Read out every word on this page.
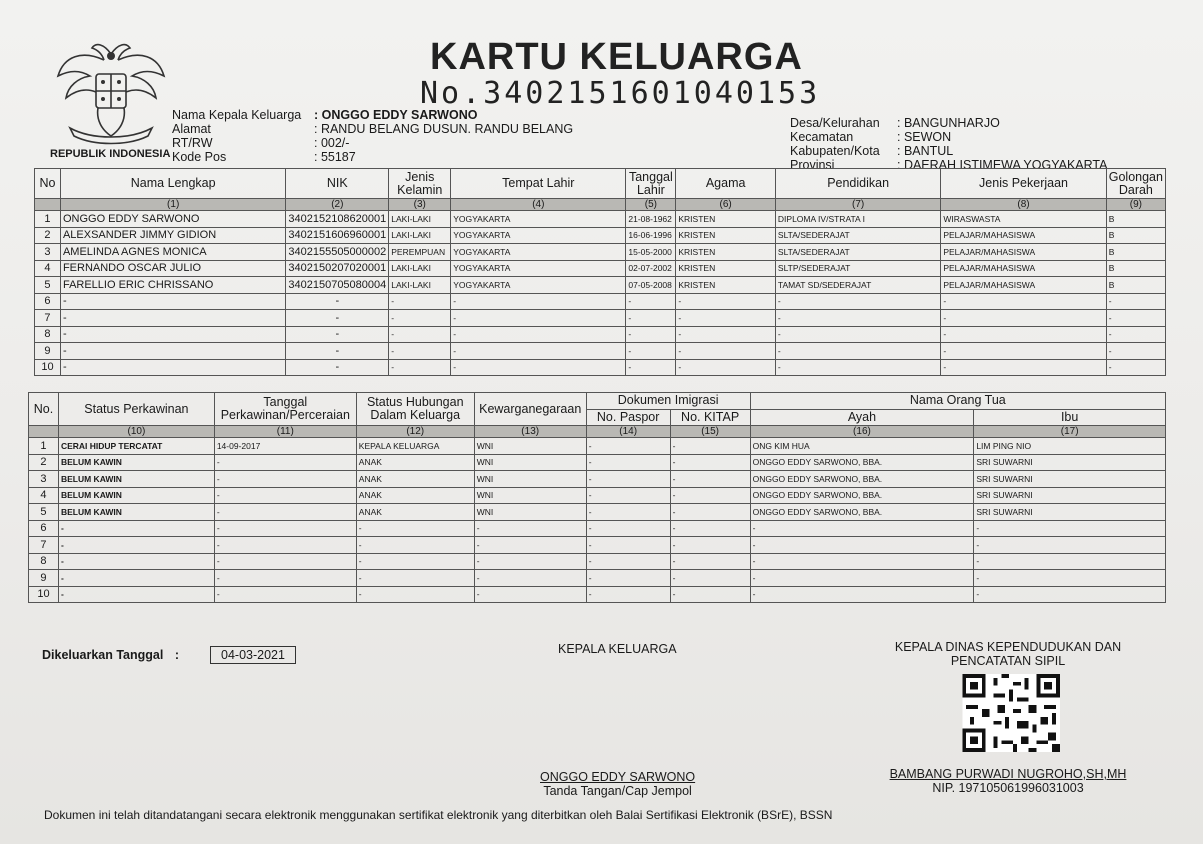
REPUBLIK INDONESIA
KARTU KELUARGA
No.3402151601040153
Nama Kepala Keluarga : ONGGO EDDY SARWONO
Alamat	: RANDU BELANG DUSUN. RANDU BELANG
RT/RW	: 002/-
Kode Pos	: 55187
Desa/Kelurahan : BANGUNHARJO
Kecamatan	: SEWON
Kabupaten/Kota : BANTUL
Provinsi	: DAERAH ISTIMEWA YOGYAKARTA
No	Nama Lengkap	NIK	Jenis Kelamin	Tempat Lahir	Tanggal Lahir	Agama	Pendidikan	Jenis Pekerjaan	Golongan Darah
	(1)	(2)	(3)	(4)	(5)	(6)	(7)	(8)	(9)
1	ONGGO EDDY SARWONO	3402152108620001	LAKI-LAKI	YOGYAKARTA	21-08-1962	KRISTEN	DIPLOMA IV/STRATA I	WIRASWASTA	B
2	ALEXSANDER JIMMY GIDION	3402151606960001	LAKI-LAKI	YOGYAKARTA	16-06-1996	KRISTEN	SLTA/SEDERAJAT	PELAJAR/MAHASISWA	B
3	AMELINDA AGNES MONICA	3402155505000002	PEREMPUAN	YOGYAKARTA	15-05-2000	KRISTEN	SLTA/SEDERAJAT	PELAJAR/MAHASISWA	B
4	FERNANDO OSCAR JULIO	3402150207020001	LAKI-LAKI	YOGYAKARTA	02-07-2002	KRISTEN	SLTP/SEDERAJAT	PELAJAR/MAHASISWA	B
5	FARELLIO ERIC CHRISSANO	3402150705080004	LAKI-LAKI	YOGYAKARTA	07-05-2008	KRISTEN	TAMAT SD/SEDERAJAT	PELAJAR/MAHASISWA	B
6	-	-	-	-	-	-	-	-	-
7	-	-	-	-	-	-	-	-	-
8	-	-	-	-	-	-	-	-	-
9	-	-	-	-	-	-	-	-	-
10	-	-	-	-	-	-	-	-	-
No.	Status Perkawinan	Tanggal Perkawinan/Perceraian	Status Hubungan Dalam Keluarga	Kewarganegaraan	Dokumen Imigrasi		Nama Orang Tua	
					No. Paspor	No. KITAP	Ayah	Ibu
	(10)	(11)	(12)	(13)	(14)	(15)	(16)	(17)
1	CERAI HIDUP TERCATAT	14-09-2017	KEPALA KELUARGA	WNI	-	-	ONG KIM HUA	LIM PING NIO
2	BELUM KAWIN	-	ANAK	WNI	-	-	ONGGO EDDY SARWONO, BBA.	SRI SUWARNI
3	BELUM KAWIN	-	ANAK	WNI	-	-	ONGGO EDDY SARWONO, BBA.	SRI SUWARNI
4	BELUM KAWIN	-	ANAK	WNI	-	-	ONGGO EDDY SARWONO, BBA.	SRI SUWARNI
5	BELUM KAWIN	-	ANAK	WNI	-	-	ONGGO EDDY SARWONO, BBA.	SRI SUWARNI
6	-	-	-	-	-	-	-	-
7	-	-	-	-	-	-	-	-
8	-	-	-	-	-	-	-	-
9	-	-	-	-	-	-	-	-
10	-	-	-	-	-	-	-	-
Dikeluarkan Tanggal :	04-03-2021	KEPALA KELUARGA	KEPALA DINAS KEPENDUDUKAN DAN
PENCATATAN SIPIL
ONGGO EDDY SARWONO
Tanda Tangan/Cap Jempol
BAMBANG PURWADI NUGROHO,SH,MH
NIP. 197105061996031003
Dokumen ini telah ditandatangani secara elektronik menggunakan sertifikat elektronik yang diterbitkan oleh Balai Sertifikasi Elektronik (BSrE), BSSN
